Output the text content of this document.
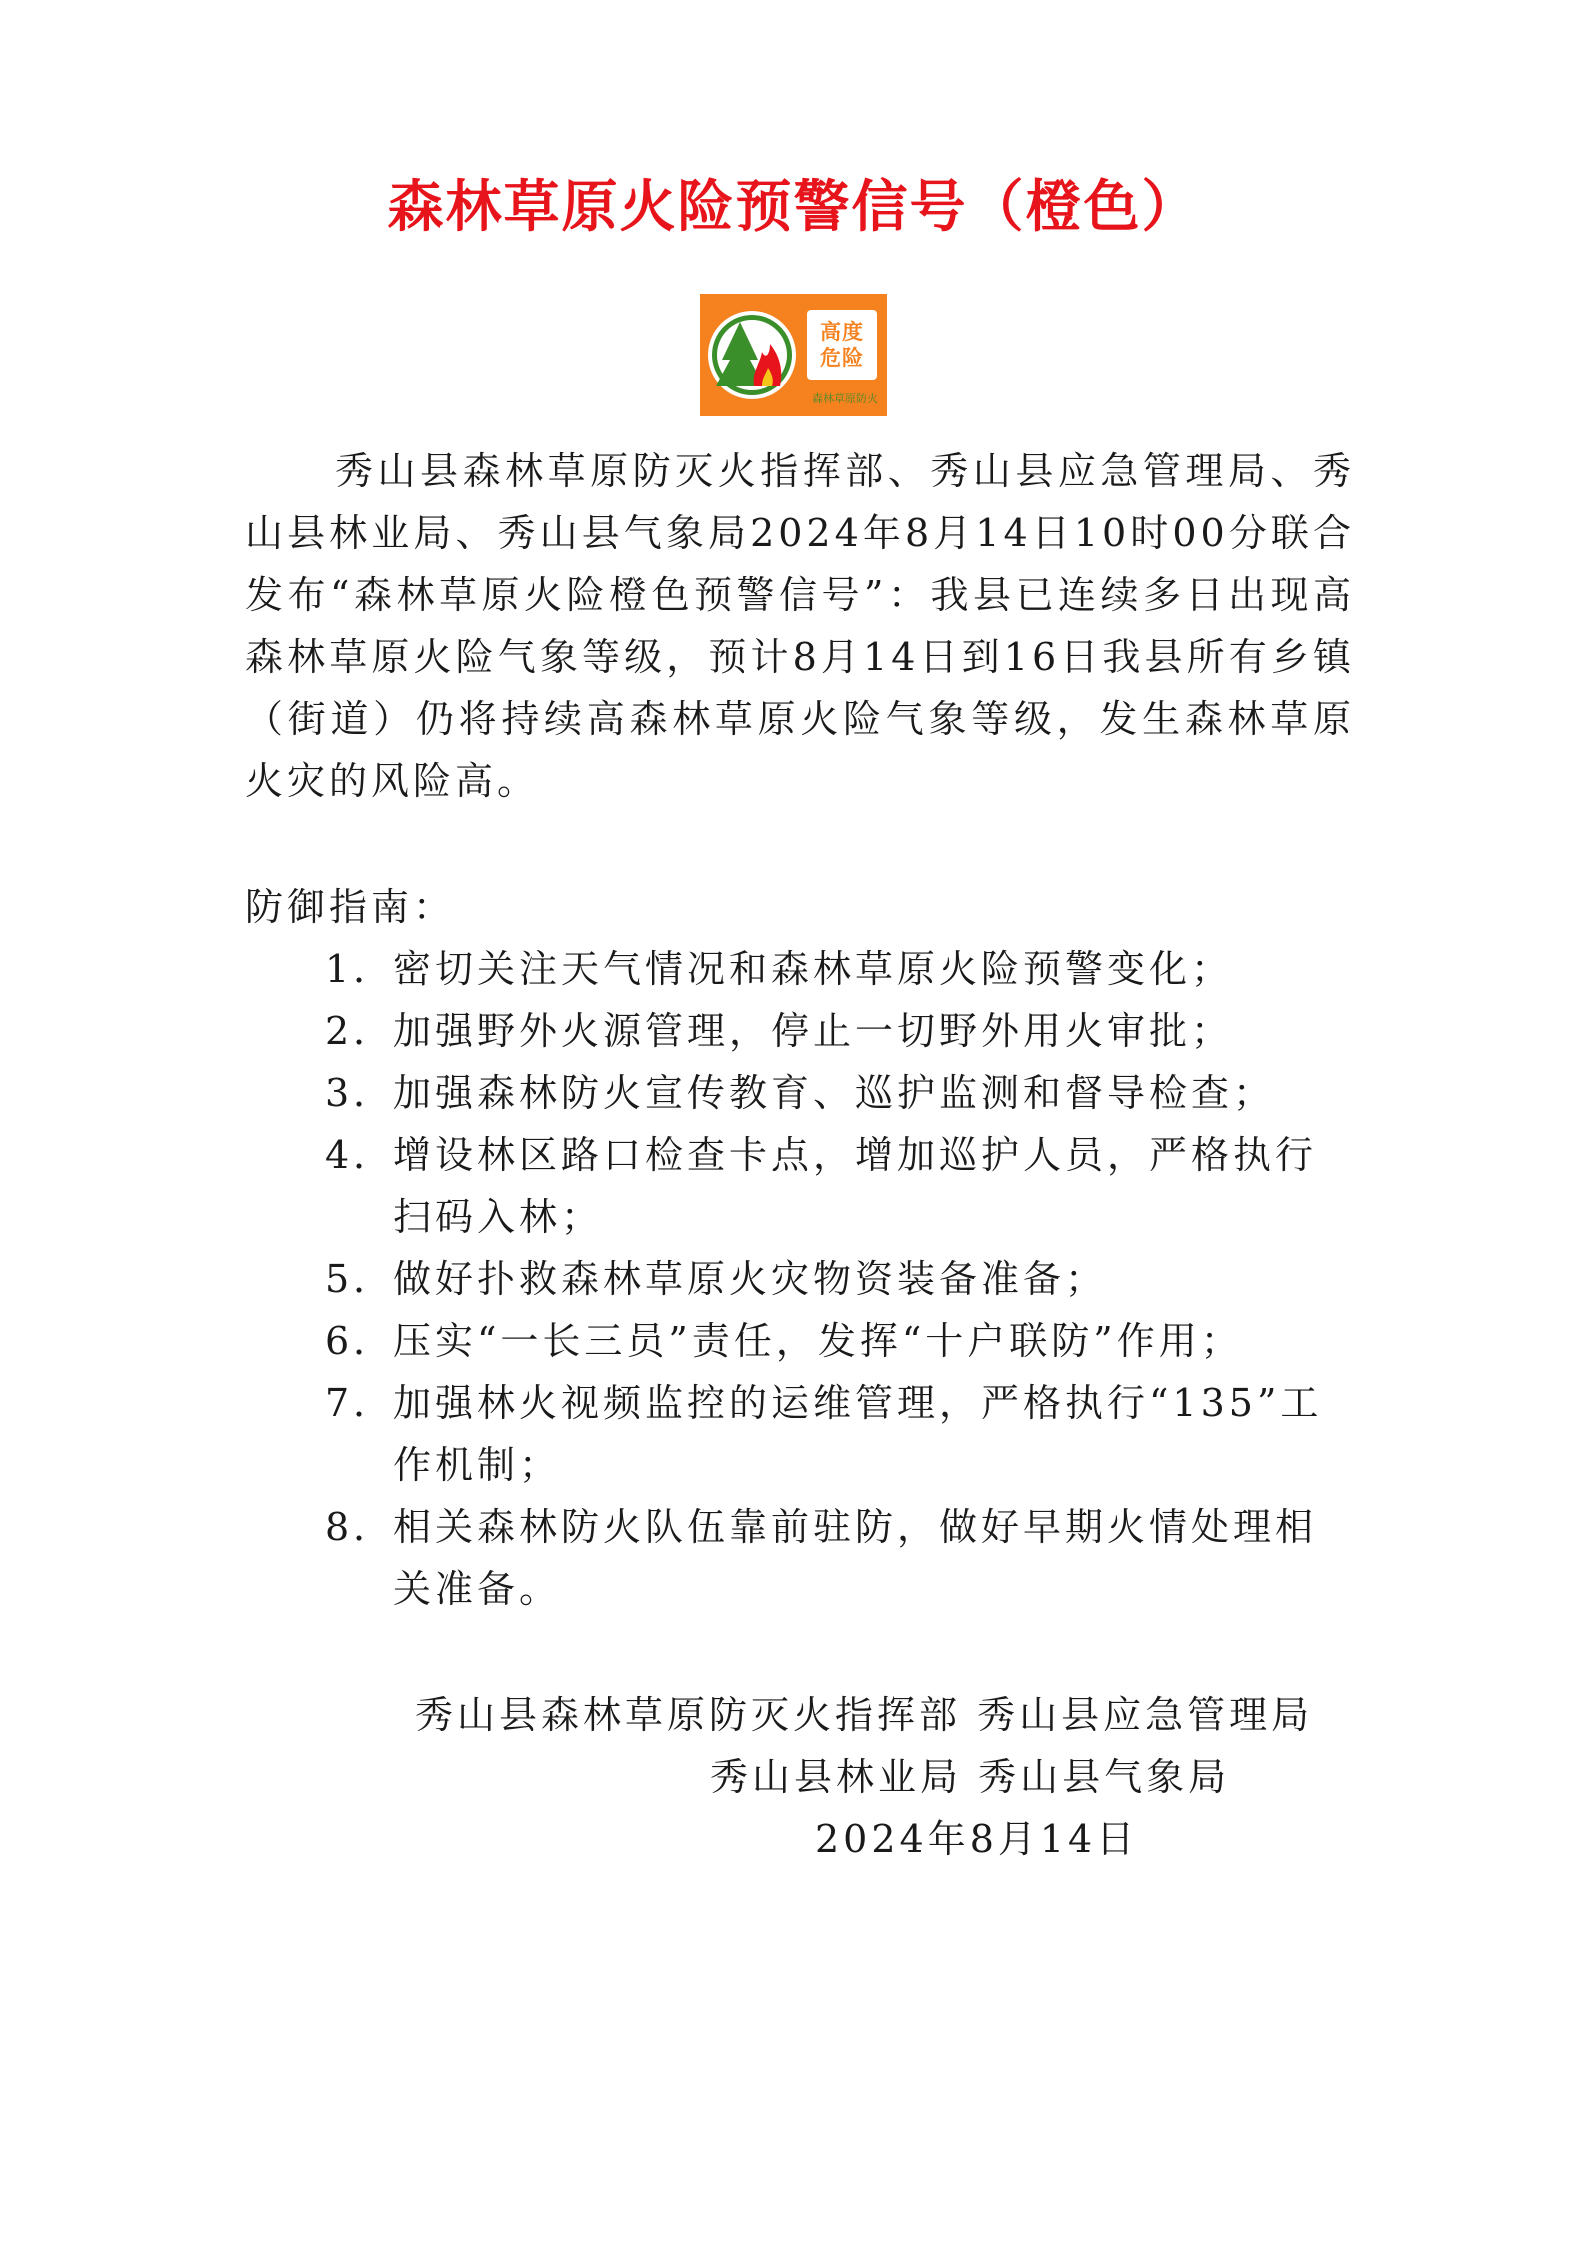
森林草原火险预警信号（橙色）
高度
危险
森林草原防火

秀山县森林草原防灭火指挥部、秀山县应急管理局、秀山县林业局、秀山县气象局2024年8月14日10时00分联合发布“森林草原火险橙色预警信号”：我县已连续多日出现高森林草原火险气象等级，预计8月14日到16日我县所有乡镇（街道）仍将持续高森林草原火险气象等级，发生森林草原火灾的风险高。

防御指南：

1．
密切关注天气情况和森林草原火险预警变化；
2．
加强野外火源管理，停止一切野外用火审批；
3．
加强森林防火宣传教育、巡护监测和督导检查；
4．
增设林区路口检查卡点，增加巡护人员，严格执行扫码入林；
5．
做好扑救森林草原火灾物资装备准备；
6．
压实“一长三员”责任，发挥“十户联防”作用；
7．
加强林火视频监控的运维管理，严格执行“135”工作机制；
8．
相关森林防火队伍靠前驻防，做好早期火情处理相关准备。
秀山县森林草原防灭火指挥部 秀山县应急管理局
秀山县林业局 秀山县气象局
2024年8月14日
